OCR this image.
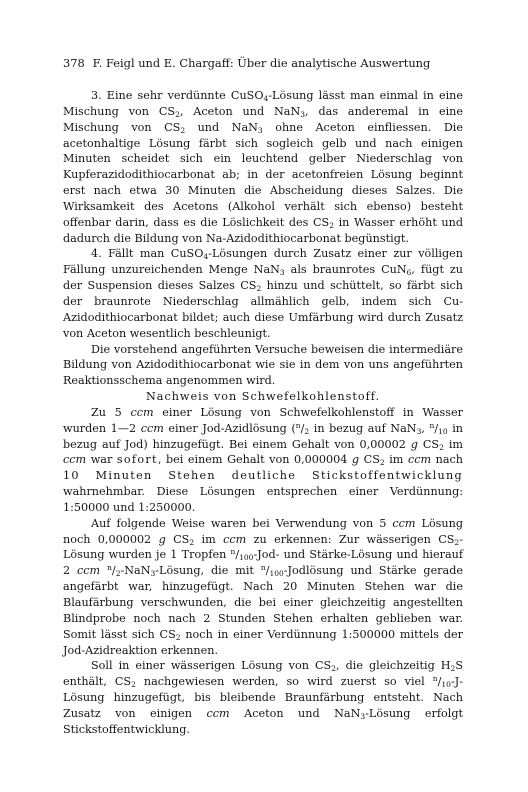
378 F. Feigl und E. Chargaff: Über die analytische Auswertung

3. Eine sehr verdünnte CuSO$_4$-Lösung lässt man einmal in eine Mischung von $CS_2$, Aceton und NaN$_3$, das anderemal in eine Mischung von $CS_2$ und NaN$_3$ ohne Aceton einfliessen. Die acetonhaltige Lösung färbt sich sogleich gelb und nach einigen Minuten scheidet sich ein leuchtend gelber Niederschlag von Kupferazidodithiocarbonat ab; in der acetonfreien Lösung beginnt erst nach etwa 30 Minuten die Abscheidung dieses Salzes. Die Wirksamkeit des Acetons (Alkohol verhält sich ebenso) besteht offenbar darin, dass es die Löslichkeit des $CS_2$ in Wasser erhöht und dadurch die Bildung von Na-Azidodithiocarbonat begünstigt.

4. Fällt man CuSO$_4$-Lösungen durch Zusatz einer zur völligen Fällung unzureichenden Menge NaN$_3$ als braunrotes CuN$_6$, fügt zu der Suspension dieses Salzes $CS_2$ hinzu und schüttelt, so färbt sich der braunrote Niederschlag allmählich gelb, indem sich Cu-Azidodithiocarbonat bildet; auch diese Umfärbung wird durch Zusatz von Aceton wesentlich beschleunigt.

Die vorstehend angeführten Versuche beweisen die intermediäre Bildung von Azidodithiocarbonat wie sie in dem von uns angeführten Reaktionsschema angenommen wird.

Nachweis von Schwefelkohlenstoff.

Zu 5 ccm einer Lösung von Schwefelkohlenstoff in Wasser wurden 1—2 ccm einer Jod-Azidlösung ($^n/_2$ in bezug auf NaN$_3$, $^n/_{10}$ in bezug auf Jod) hinzugefügt. Bei einem Gehalt von 0,00002 g $CS_2$ im ccm war sofort, bei einem Gehalt von 0,000004 g $CS_2$ im ccm nach 10 Minuten Stehen deutliche Stickstoffentwicklung wahrnehmbar. Diese Lösungen entsprechen einer Verdünnung: 1:50000 und 1:250000.

Auf folgende Weise waren bei Verwendung von 5 ccm Lösung noch 0,000002 g $CS_2$ im ccm zu erkennen: Zur wässerigen $CS_2$-Lösung wurden je 1 Tropfen $^n/_{100}-Jod-$ und Stärke-Lösung und hierauf 2 ccm $^n/_2-NaN_3$-Lösung, die mit $^n/_{100}$-Jodlösung und Stärke gerade angefärbt war, hinzugefügt. Nach 20 Minuten Stehen war die Blaufärbung verschwunden, die bei einer gleichzeitig angestellten Blindprobe noch nach 2 Stunden Stehen erhalten geblieben war. Somit lässt sich $CS_2$ noch in einer Verdünnung 1:500000 mittels der Jod-Azidreaktion erkennen.

Soll in einer wässerigen Lösung von $CS_2$, die gleichzeitig $H_2S$ enthält, $CS_2$ nachgewiesen werden, so wird zuerst so viel $^n/_{10}-J$-Lösung hinzugefügt, bis bleibende Braunfärbung entsteht. Nach Zusatz von einigen ccm Aceton und NaN$_3$-Lösung erfolgt Stickstoffentwicklung.
